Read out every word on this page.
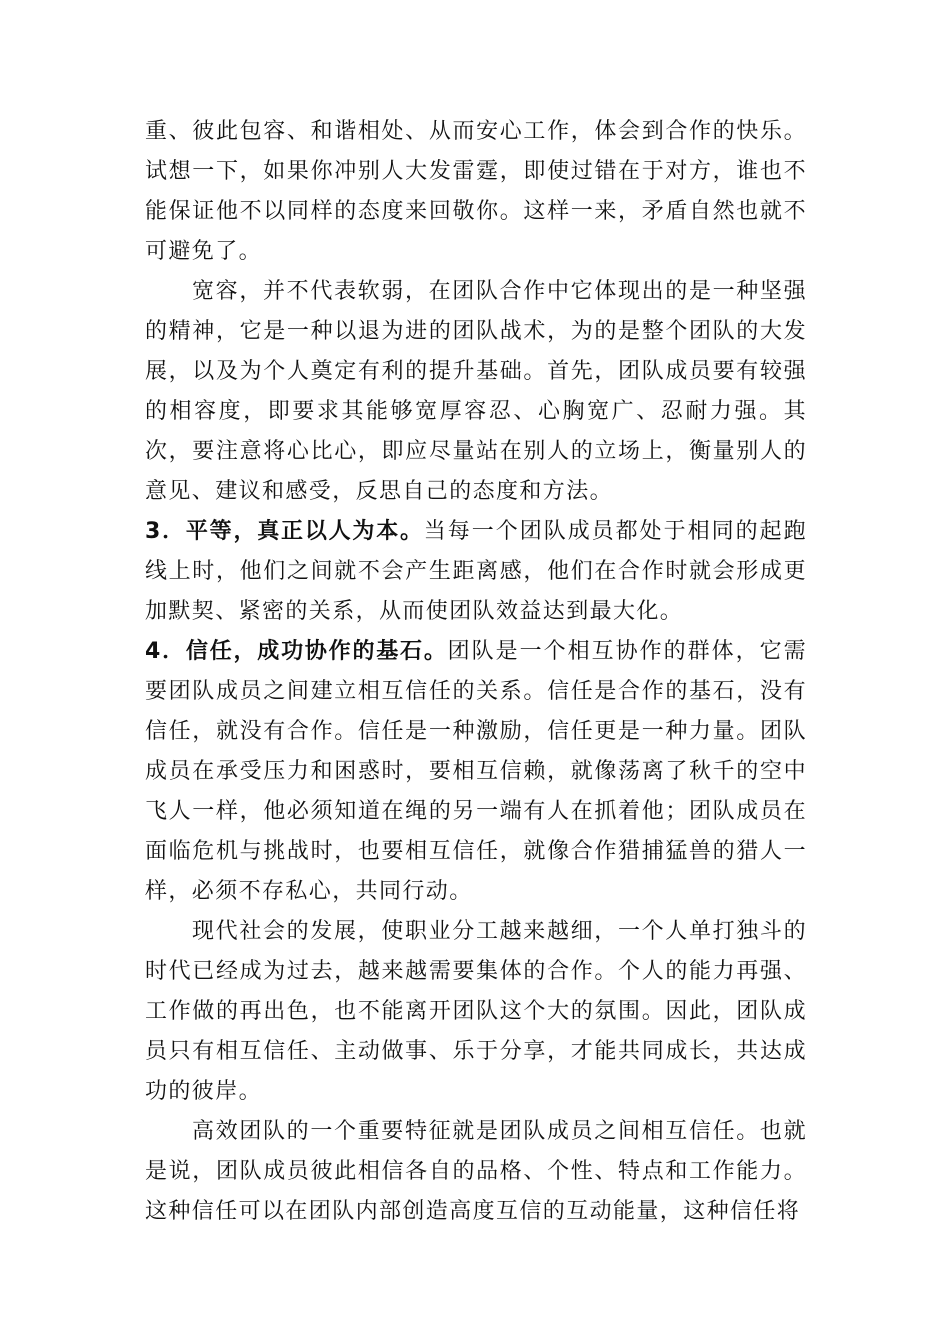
重、彼此包容、和谐相处、从而安心工作，体会到合作的快乐。试想一下，如果你冲别人大发雷霆，即使过错在于对方，谁也不能保证他不以同样的态度来回敬你。这样一来，矛盾自然也就不可避免了。

宽容，并不代表软弱，在团队合作中它体现出的是一种坚强的精神，它是一种以退为进的团队战术，为的是整个团队的大发展，以及为个人奠定有利的提升基础。首先，团队成员要有较强的相容度，即要求其能够宽厚容忍、心胸宽广、忍耐力强。其次，要注意将心比心，即应尽量站在别人的立场上，衡量别人的意见、建议和感受，反思自己的态度和方法。

3．平等，真正以人为本。当每一个团队成员都处于相同的起跑线上时，他们之间就不会产生距离感，他们在合作时就会形成更加默契、紧密的关系，从而使团队效益达到最大化。

4．信任，成功协作的基石。团队是一个相互协作的群体，它需要团队成员之间建立相互信任的关系。信任是合作的基石，没有信任，就没有合作。信任是一种激励，信任更是一种力量。团队成员在承受压力和困惑时，要相互信赖，就像荡离了秋千的空中飞人一样，他必须知道在绳的另一端有人在抓着他；团队成员在面临危机与挑战时，也要相互信任，就像合作猎捕猛兽的猎人一样，必须不存私心，共同行动。

现代社会的发展，使职业分工越来越细，一个人单打独斗的时代已经成为过去，越来越需要集体的合作。个人的能力再强、工作做的再出色，也不能离开团队这个大的氛围。因此，团队成员只有相互信任、主动做事、乐于分享，才能共同成长，共达成功的彼岸。

高效团队的一个重要特征就是团队成员之间相互信任。也就是说，团队成员彼此相信各自的品格、个性、特点和工作能力。这种信任可以在团队内部创造高度互信的互动能量，这种信任将
